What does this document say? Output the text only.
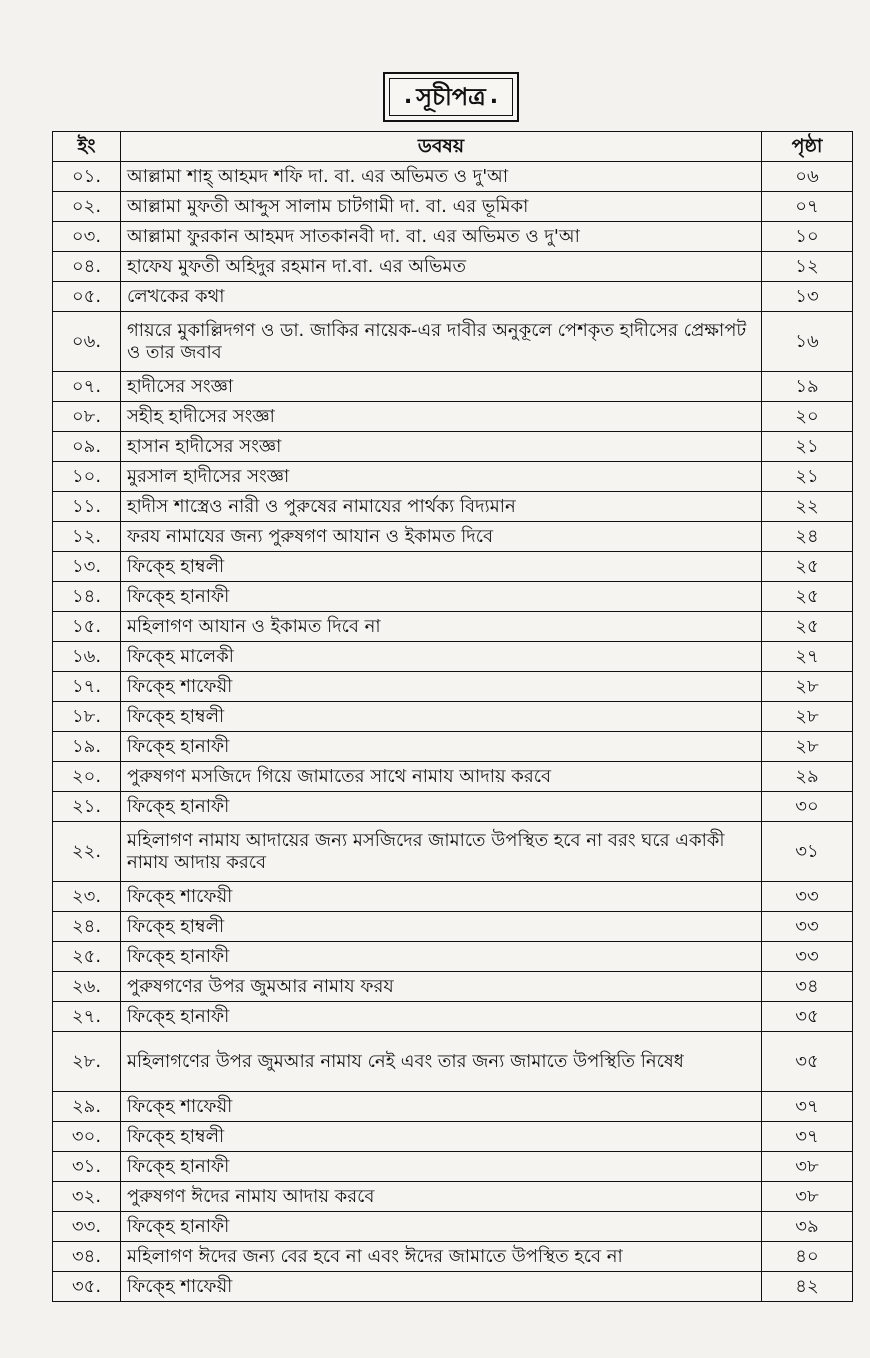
. সূচীপত্র .
ইং	ডবষয়	পৃষ্ঠা
০১.	আল্লামা শাহ্ আহমদ শফি দা. বা. এর অভিমত ও দু'আ	০৬
০২.	আল্লামা মুফতী আব্দুস সালাম চাটগামী দা. বা. এর ভূমিকা	০৭
০৩.	আল্লামা ফুরকান আহমদ সাতকানবী দা. বা. এর অভিমত ও দু'আ	১০
০৪.	হাফেয মুফতী অহিদুর রহমান দা.বা. এর অভিমত	১২
০৫.	লেখকের কথা	১৩
০৬.	গায়রে মুকাল্লিদগণ ও ডা. জাকির নায়েক-এর দাবীর অনুকূলে পেশকৃত হাদীসের প্রেক্ষাপট ও তার জবাব	১৬
০৭.	হাদীসের সংজ্ঞা	১৯
০৮.	সহীহ হাদীসের সংজ্ঞা	২০
০৯.	হাসান হাদীসের সংজ্ঞা	২১
১০.	মুরসাল হাদীসের সংজ্ঞা	২১
১১.	হাদীস শাস্ত্রেও নারী ও পুরুষের নামাযের পার্থক্য বিদ্যমান	২২
১২.	ফরয নামাযের জন্য পুরুষগণ আযান ও ইকামত দিবে	২৪
১৩.	ফিক্হে হাম্বলী	২৫
১৪.	ফিক্হে হানাফী	২৫
১৫.	মহিলাগণ আযান ও ইকামত দিবে না	২৫
১৬.	ফিক্হে মালেকী	২৭
১৭.	ফিক্হে শাফেয়ী	২৮
১৮.	ফিক্হে হাম্বলী	২৮
১৯.	ফিক্হে হানাফী	২৮
২০.	পুরুষগণ মসজিদে গিয়ে জামাতের সাথে নামায আদায় করবে	২৯
২১.	ফিক্হে হানাফী	৩০
২২.	মহিলাগণ নামায আদায়ের জন্য মসজিদের জামাতে উপস্থিত হবে না বরং ঘরে একাকী নামায আদায় করবে	৩১
২৩.	ফিক্হে শাফেয়ী	৩৩
২৪.	ফিক্হে হাম্বলী	৩৩
২৫.	ফিক্হে হানাফী	৩৩
২৬.	পুরুষগণের উপর জুমআর নামায ফরয	৩৪
২৭.	ফিক্হে হানাফী	৩৫
২৮.	মহিলাগণের উপর জুমআর নামায নেই এবং তার জন্য জামাতে উপস্থিতি নিষেধ	৩৫
২৯.	ফিক্হে শাফেয়ী	৩৭
৩০.	ফিক্হে হাম্বলী	৩৭
৩১.	ফিক্হে হানাফী	৩৮
৩২.	পুরুষগণ ঈদের নামায আদায় করবে	৩৮
৩৩.	ফিক্হে হানাফী	৩৯
৩৪.	মহিলাগণ ঈদের জন্য বের হবে না এবং ঈদের জামাতে উপস্থিত হবে না	৪০
৩৫.	ফিক্হে শাফেয়ী	৪২
